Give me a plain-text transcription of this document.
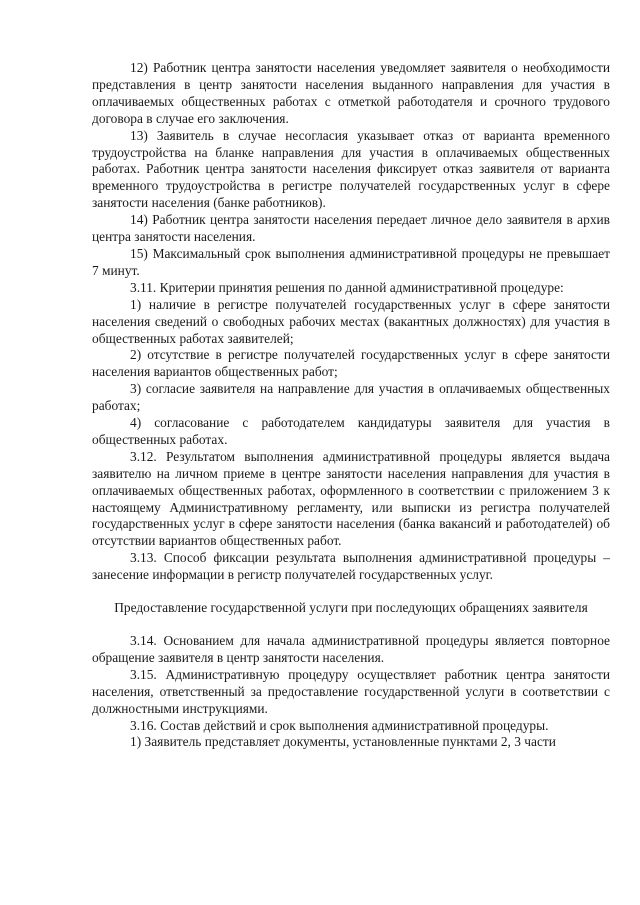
12) Работник центра занятости населения уведомляет заявителя о необходимости представления в центр занятости населения выданного направления для участия в оплачиваемых общественных работах с отметкой работодателя и срочного трудового договора в случае его заключения.

13) Заявитель в случае несогласия указывает отказ от варианта временного трудоустройства на бланке направления для участия в оплачиваемых общественных работах. Работник центра занятости населения фиксирует отказ заявителя от варианта временного трудоустройства в регистре получателей государственных услуг в сфере занятости населения (банке работников).

14) Работник центра занятости населения передает личное дело заявителя в архив центра занятости населения.

15) Максимальный срок выполнения административной процедуры не превышает 7 минут.

3.11. Критерии принятия решения по данной административной процедуре:

1) наличие в регистре получателей государственных услуг в сфере занятости населения сведений о свободных рабочих местах (вакантных должностях) для участия в общественных работах заявителей;

2) отсутствие в регистре получателей государственных услуг в сфере занятости населения вариантов общественных работ;

3) согласие заявителя на направление для участия в оплачиваемых общественных работах;

4) согласование с работодателем кандидатуры заявителя для участия в общественных работах.

3.12. Результатом выполнения административной процедуры является выдача заявителю на личном приеме в центре занятости населения направления для участия в оплачиваемых общественных работах, оформленного в соответствии с приложением 3 к настоящему Административному регламенту, или выписки из регистра получателей государственных услуг в сфере занятости населения (банка вакансий и работодателей) об отсутствии вариантов общественных работ.

3.13. Способ фиксации результата выполнения административной процедуры – занесение информации в регистр получателей государственных услуг.

Предоставление государственной услуги при последующих обращениях заявителя

3.14. Основанием для начала административной процедуры является повторное обращение заявителя в центр занятости населения.

3.15. Административную процедуру осуществляет работник центра занятости населения, ответственный за предоставление государственной услуги в соответствии с должностными инструкциями.

3.16. Состав действий и срок выполнения административной процедуры.

1) Заявитель представляет документы, установленные пунктами 2, 3 части
